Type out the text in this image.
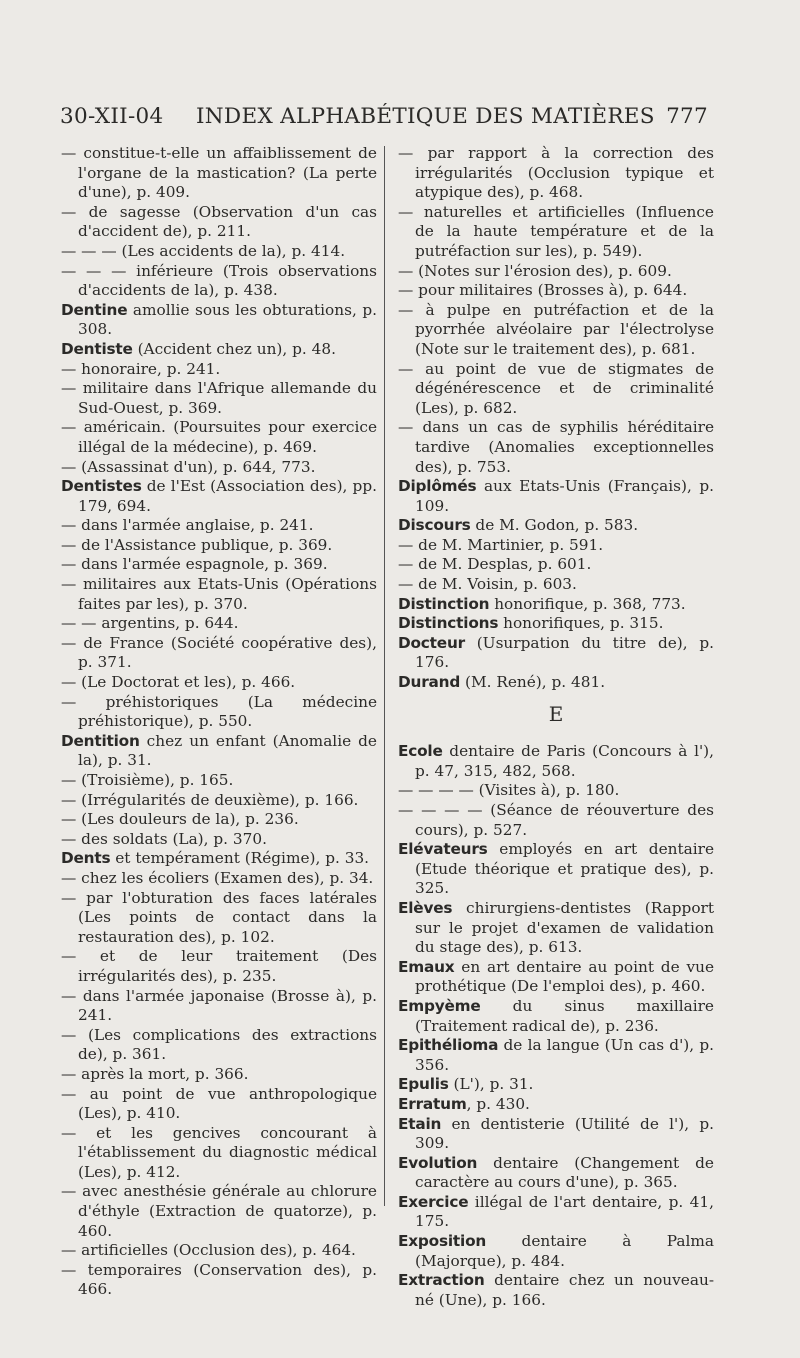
30-XII-04 INDEX ALPHABÉTIQUE DES MATIÈRES 777
— constitue-t-elle un affaiblissement de l'organe de la mastication? (La perte d'une), p. 409.
— de sagesse (Observation d'un cas d'accident de), p. 211.
— — — (Les accidents de la), p. 414.
— — — inférieure (Trois observations d'accidents de la), p. 438.
Dentine amollie sous les obturations, p. 308.
Dentiste (Accident chez un), p. 48.
— honoraire, p. 241.
— militaire dans l'Afrique allemande du Sud-Ouest, p. 369.
— américain. (Poursuites pour exercice illégal de la médecine), p. 469.
— (Assassinat d'un), p. 644, 773.
Dentistes de l'Est (Association des), pp. 179, 694.
— dans l'armée anglaise, p. 241.
— de l'Assistance publique, p. 369.
— dans l'armée espagnole, p. 369.
— militaires aux Etats-Unis (Opérations faites par les), p. 370.
— — argentins, p. 644.
— de France (Société coopérative des), p. 371.
— (Le Doctorat et les), p. 466.
— préhistoriques (La médecine préhistorique), p. 550.
Dentition chez un enfant (Anomalie de la), p. 31.
— (Troisième), p. 165.
— (Irrégularités de deuxième), p. 166.
— (Les douleurs de la), p. 236.
— des soldats (La), p. 370.
Dents et tempérament (Régime), p. 33.
— chez les écoliers (Examen des), p. 34.
— par l'obturation des faces latérales (Les points de contact dans la restauration des), p. 102.
— et de leur traitement (Des irrégularités des), p. 235.
— dans l'armée japonaise (Brosse à), p. 241.
— (Les complications des extractions de), p. 361.
— après la mort, p. 366.
— au point de vue anthropologique (Les), p. 410.
— et les gencives concourant à l'établissement du diagnostic médical (Les), p. 412.
— avec anesthésie générale au chlorure d'éthyle (Extraction de quatorze), p. 460.
— artificielles (Occlusion des), p. 464.
— temporaires (Conservation des), p. 466.
— par rapport à la correction des irrégularités (Occlusion typique et atypique des), p. 468.
— naturelles et artificielles (Influence de la haute température et de la putréfaction sur les), p. 549).
— (Notes sur l'érosion des), p. 609.
— pour militaires (Brosses à), p. 644.
— à pulpe en putréfaction et de la pyorrhée alvéolaire par l'électrolyse (Note sur le traitement des), p. 681.
— au point de vue de stigmates de dégénérescence et de criminalité (Les), p. 682.
— dans un cas de syphilis héréditaire tardive (Anomalies exceptionnelles des), p. 753.
Diplômés aux Etats-Unis (Français), p. 109.
Discours de M. Godon, p. 583.
— de M. Martinier, p. 591.
— de M. Desplas, p. 601.
— de M. Voisin, p. 603.
Distinction honorifique, p. 368, 773.
Distinctions honorifiques, p. 315.
Docteur (Usurpation du titre de), p. 176.
Durand (M. René), p. 481.
E
Ecole dentaire de Paris (Concours à l'), p. 47, 315, 482, 568.
— — — — (Visites à), p. 180.
— — — — (Séance de réouverture des cours), p. 527.
Elévateurs employés en art dentaire (Etude théorique et pratique des), p. 325.
Elèves chirurgiens-dentistes (Rapport sur le projet d'examen de validation du stage des), p. 613.
Emaux en art dentaire au point de vue prothétique (De l'emploi des), p. 460.
Empyème du sinus maxillaire (Traitement radical de), p. 236.
Epithélioma de la langue (Un cas d'), p. 356.
Epulis (L'), p. 31.
Erratum, p. 430.
Etain en dentisterie (Utilité de l'), p. 309.
Evolution dentaire (Changement de caractère au cours d'une), p. 365.
Exercice illégal de l'art dentaire, p. 41, 175.
Exposition dentaire à Palma (Majorque), p. 484.
Extraction dentaire chez un nouveau-né (Une), p. 166.
